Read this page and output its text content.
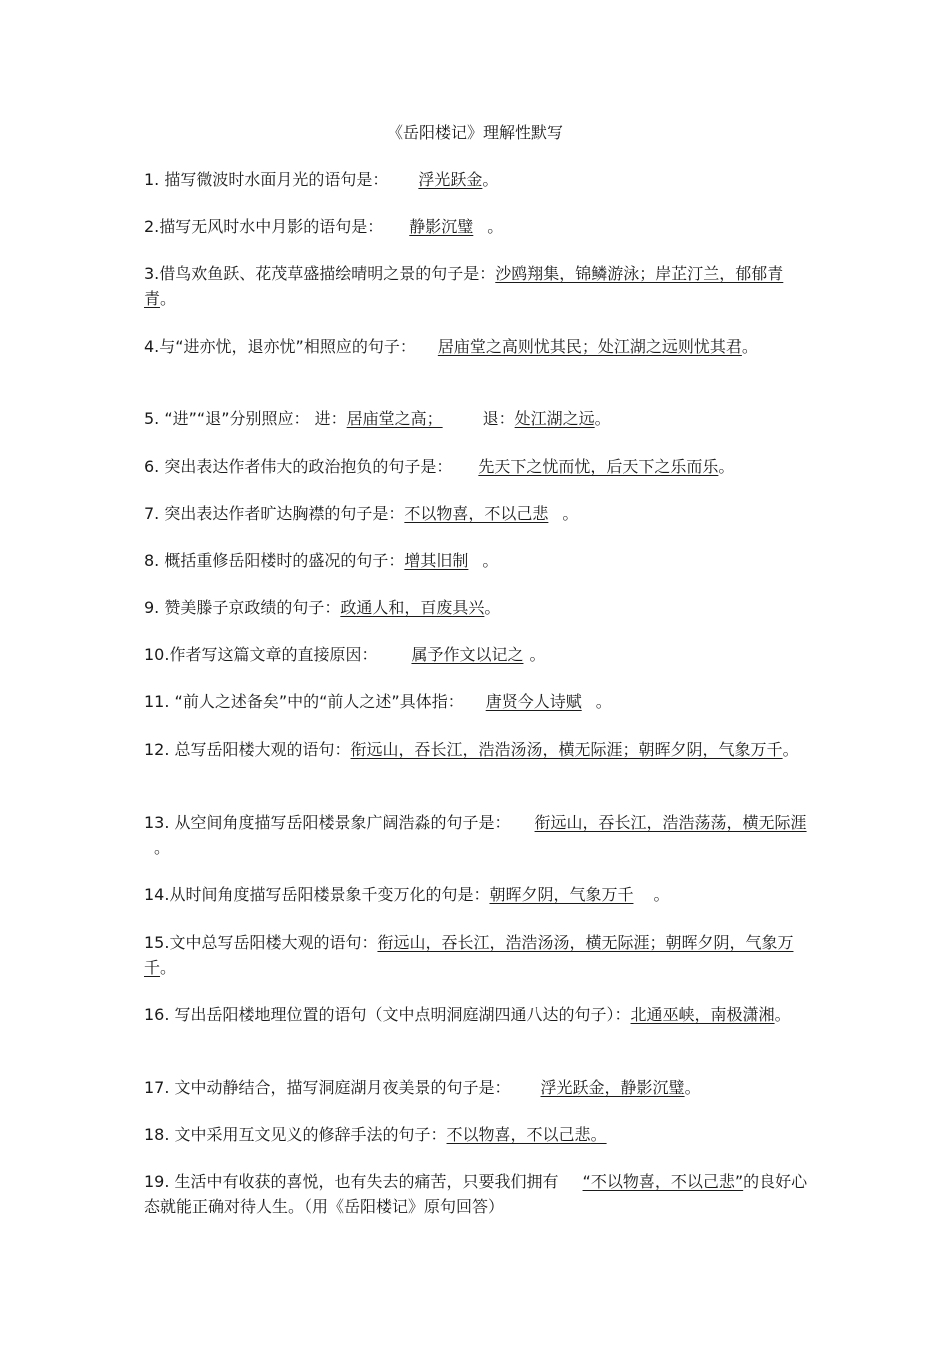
《岳阳楼记》理解性默写
1. 描写微波时水面月光的语句是： 浮光跃金。
2.描写无风时水中月影的语句是： 静影沉璧 。
3.借鸟欢鱼跃、花茂草盛描绘晴明之景的句子是：沙鸥翔集，锦鳞游泳；岸芷汀兰，郁郁青青。
4.与“进亦忧，退亦忧”相照应的句子： 居庙堂之高则忧其民；处江湖之远则忧其君。
5. “进”“退”分别照应： 进：居庙堂之高；	退：处江湖之远。
6. 突出表达作者伟大的政治抱负的句子是： 先天下之忧而忧，后天下之乐而乐。
7. 突出表达作者旷达胸襟的句子是：不以物喜，不以己悲 。
8. 概括重修岳阳楼时的盛况的句子：增其旧制 。
9. 赞美滕子京政绩的句子：政通人和，百废具兴。
10.作者写这篇文章的直接原因： 属予作文以记之 。
11. “前人之述备矣”中的“前人之述”具体指： 唐贤今人诗赋 。
12. 总写岳阳楼大观的语句：衔远山，吞长江，浩浩汤汤，横无际涯；朝晖夕阴，气象万千。
13. 从空间角度描写岳阳楼景象广阔浩淼的句子是： 衔远山，吞长江，浩浩荡荡，横无际涯。
14.从时间角度描写岳阳楼景象千变万化的句是：朝晖夕阴，气象万千 。
15.文中总写岳阳楼大观的语句：衔远山，吞长江，浩浩汤汤，横无际涯；朝晖夕阴，气象万千。
16. 写出岳阳楼地理位置的语句（文中点明洞庭湖四通八达的句子）：北通巫峡，南极潇湘。
17. 文中动静结合，描写洞庭湖月夜美景的句子是： 浮光跃金，静影沉璧。
18. 文中采用互文见义的修辞手法的句子：不以物喜，不以己悲。
19. 生活中有收获的喜悦，也有失去的痛苦，只要我们拥有 “不以物喜，不以己悲”的良好心态就能正确对待人生。（用《岳阳楼记》原句回答）
